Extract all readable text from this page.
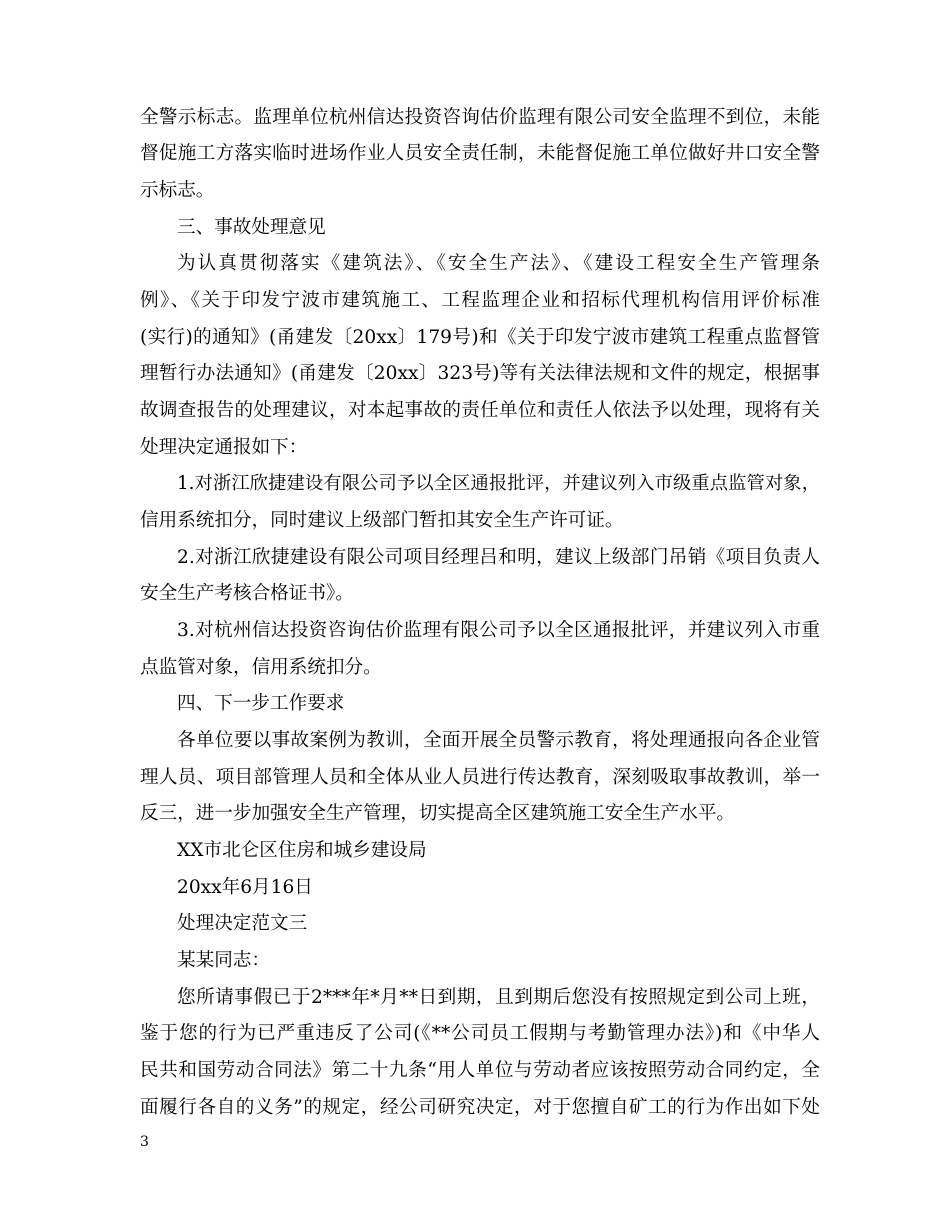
全警示标志。监理单位杭州信达投资咨询估价监理有限公司安全监理不到位，未能
督促施工方落实临时进场作业人员安全责任制，未能督促施工单位做好井口安全警
示标志。
三、事故处理意见
为认真贯彻落实《建筑法》、《安全生产法》、《建设工程安全生产管理条
例》、《关于印发宁波市建筑施工、工程监理企业和招标代理机构信用评价标准
(实行)的通知》(甬建发〔20xx〕179号)和《关于印发宁波市建筑工程重点监督管
理暂行办法通知》(甬建发〔20xx〕323号)等有关法律法规和文件的规定，根据事
故调查报告的处理建议，对本起事故的责任单位和责任人依法予以处理，现将有关
处理决定通报如下：
1.对浙江欣捷建设有限公司予以全区通报批评，并建议列入市级重点监管对象，
信用系统扣分，同时建议上级部门暂扣其安全生产许可证。
2.对浙江欣捷建设有限公司项目经理吕和明，建议上级部门吊销《项目负责人
安全生产考核合格证书》。
3.对杭州信达投资咨询估价监理有限公司予以全区通报批评，并建议列入市重
点监管对象，信用系统扣分。
四、下一步工作要求
各单位要以事故案例为教训，全面开展全员警示教育，将处理通报向各企业管
理人员、项目部管理人员和全体从业人员进行传达教育，深刻吸取事故教训，举一
反三，进一步加强安全生产管理，切实提高全区建筑施工安全生产水平。
XX市北仑区住房和城乡建设局
20xx年6月16日
处理决定范文三
某某同志：
您所请事假已于2***年*月**日到期，且到期后您没有按照规定到公司上班，
鉴于您的行为已严重违反了公司(《**公司员工假期与考勤管理办法》)和《中华人
民共和国劳动合同法》第二十九条“用人单位与劳动者应该按照劳动合同约定，全
面履行各自的义务”的规定，经公司研究决定，对于您擅自矿工的行为作出如下处
3
